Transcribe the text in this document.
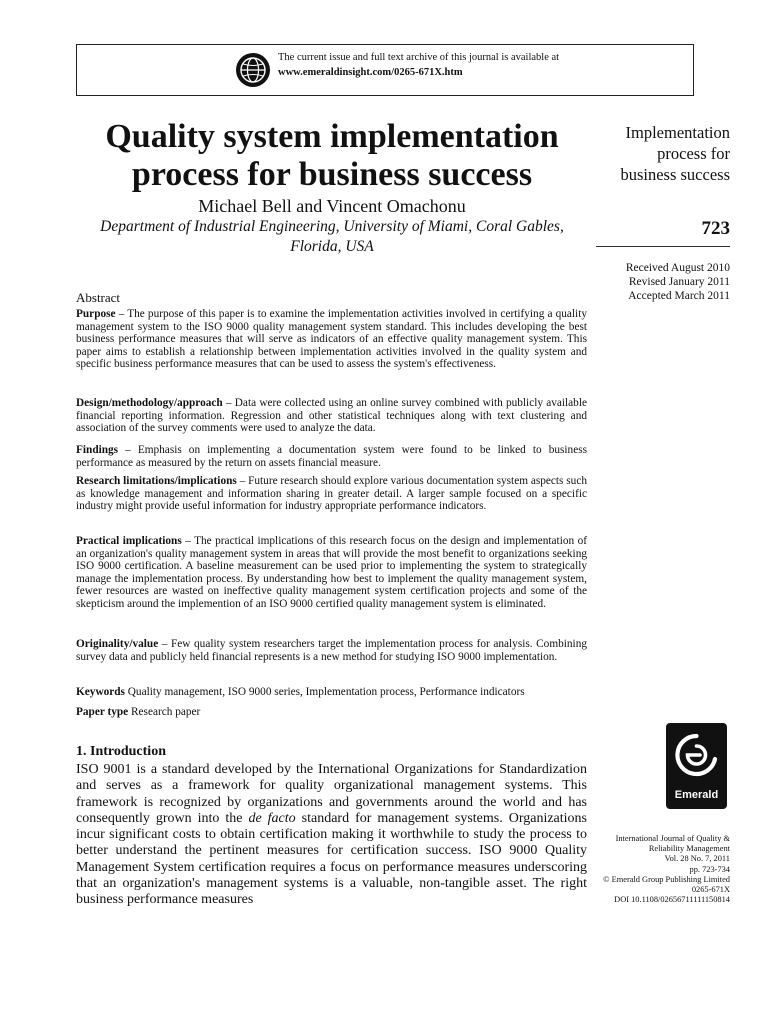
The current issue and full text archive of this journal is available at
www.emeraldinsight.com/0265-671X.htm
Quality system implementation
process for business success
Michael Bell and Vincent Omachonu
Department of Industrial Engineering, University of Miami, Coral Gables,
Florida, USA
Implementation
process for
business success
723
Received August 2010
Revised January 2011
Accepted March 2011
Abstract
Purpose – The purpose of this paper is to examine the implementation activities involved in certifying a quality management system to the ISO 9000 quality management system standard. This includes developing the best business performance measures that will serve as indicators of an effective quality management system. This paper aims to establish a relationship between implementation activities involved in the quality system and specific business performance measures that can be used to assess the system's effectiveness.
Design/methodology/approach – Data were collected using an online survey combined with publicly available financial reporting information. Regression and other statistical techniques along with text clustering and association of the survey comments were used to analyze the data.
Findings – Emphasis on implementing a documentation system were found to be linked to business performance as measured by the return on assets financial measure.
Research limitations/implications – Future research should explore various documentation system aspects such as knowledge management and information sharing in greater detail. A larger sample focused on a specific industry might provide useful information for industry appropriate performance indicators.
Practical implications – The practical implications of this research focus on the design and implementation of an organization's quality management system in areas that will provide the most benefit to organizations seeking ISO 9000 certification. A baseline measurement can be used prior to implementing the system to strategically manage the implementation process. By understanding how best to implement the quality management system, fewer resources are wasted on ineffective quality management system certification projects and some of the skepticism around the implemention of an ISO 9000 certified quality management system is eliminated.
Originality/value – Few quality system researchers target the implementation process for analysis. Combining survey data and publicly held financial represents is a new method for studying ISO 9000 implementation.
Keywords Quality management, ISO 9000 series, Implementation process, Performance indicators
Paper type Research paper
1. Introduction
ISO 9001 is a standard developed by the International Organizations for Standardization and serves as a framework for quality organizational management systems. This framework is recognized by organizations and governments around the world and has consequently grown into the de facto standard for management systems. Organizations incur significant costs to obtain certification making it worthwhile to study the process to better understand the pertinent measures for certification success. ISO 9000 Quality Management System certification requires a focus on performance measures underscoring that an organization's management systems is a valuable, non-tangible asset. The right business performance measures
Emerald
International Journal of Quality &
Reliability Management
Vol. 28 No. 7, 2011
pp. 723-734
© Emerald Group Publishing Limited
0265-671X
DOI 10.1108/02656711111150814
